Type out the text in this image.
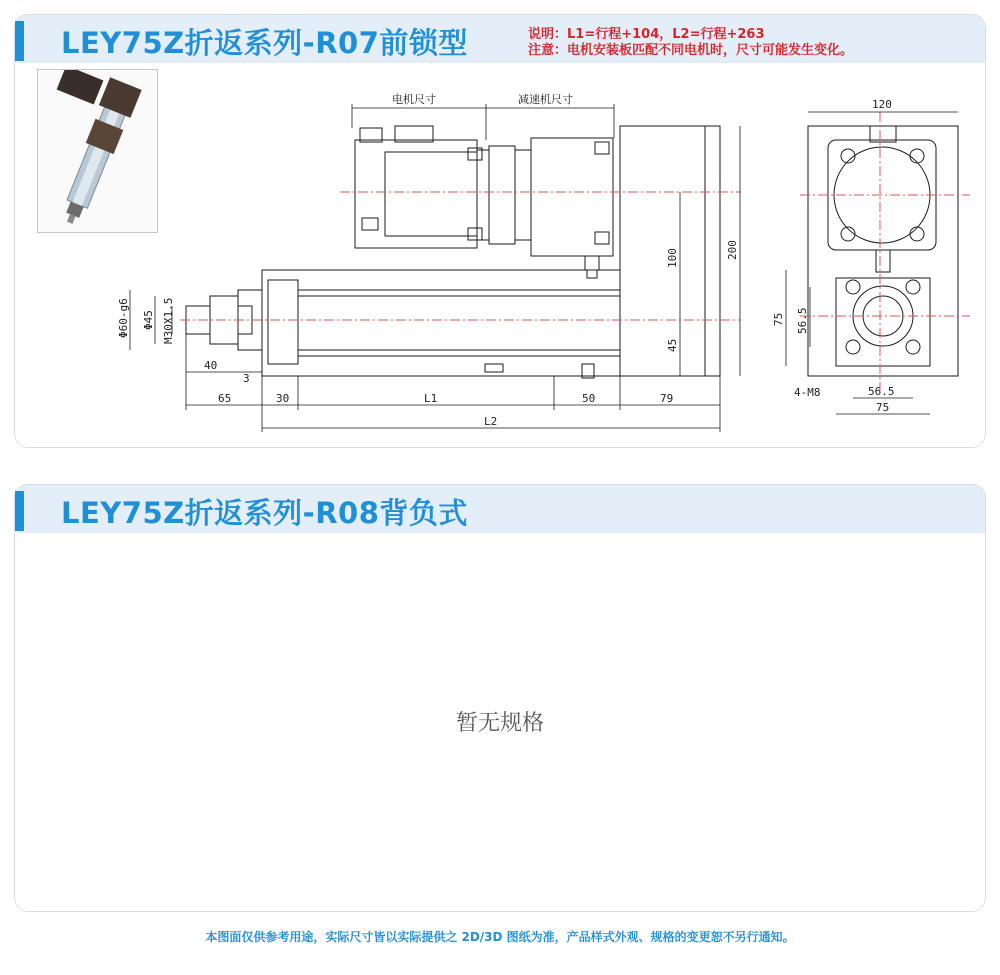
LEY75Z折返系列-R07前锁型	说明：L1=行程+104，L2=行程+263
注意：电机安装板匹配不同电机时，尺寸可能发生变化。
电机尺寸	减速机尺寸
40
3
65	30	L1	50	79
L2
100
45
200
Φ60-g6 Φ45 M30X1.5
120
75 56.5
4-M8	56.5
75
LEY75Z折返系列-R08背负式
暂无规格
本图面仅供参考用途，实际尺寸皆以实际提供之 2D/3D 图纸为准，产品样式外观、规格的变更恕不另行通知。
